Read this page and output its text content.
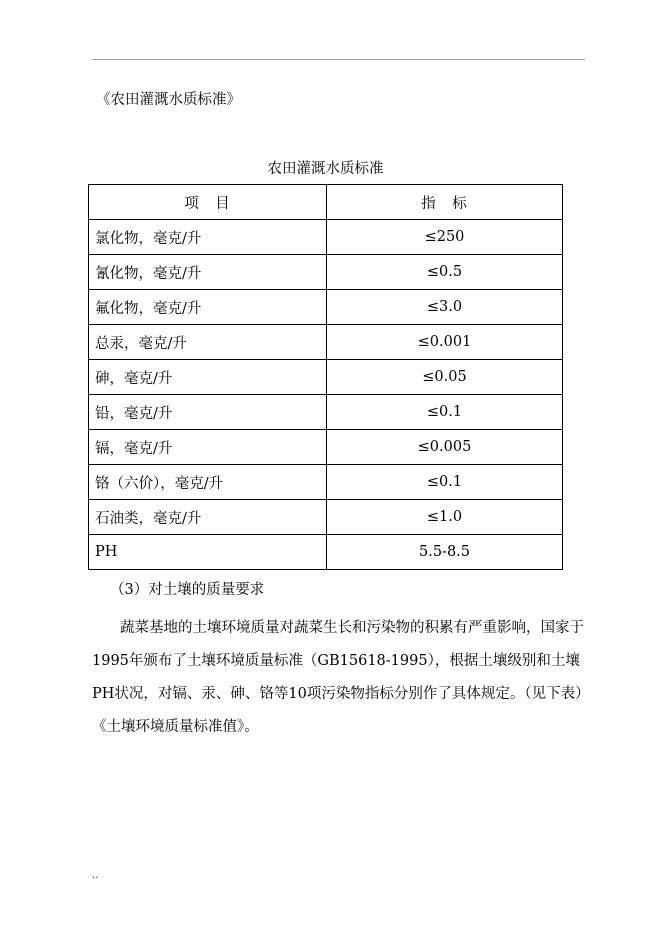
《农田灌溉水质标准》
农田灌溉水质标准
项　目	指　标
氯化物，毫克/升	≤250
氰化物，毫克/升	≤0.5
氟化物，毫克/升	≤3.0
总汞，毫克/升	≤0.001
砷，毫克/升	≤0.05
铅，毫克/升	≤0.1
镉，毫克/升	≤0.005
铬（六价），毫克/升	≤0.1
石油类，毫克/升	≤1.0
PH	5.5-8.5
（3）对土壤的质量要求
蔬菜基地的土壤环境质量对蔬菜生长和污染物的积累有严重影响，国家于1995年颁布了土壤环境质量标准（GB15618-1995），根据土壤级别和土壤PH状况，对镉、汞、砷、铬等10项污染物指标分别作了具体规定。（见下表）《土壤环境质量标准值》。
..
